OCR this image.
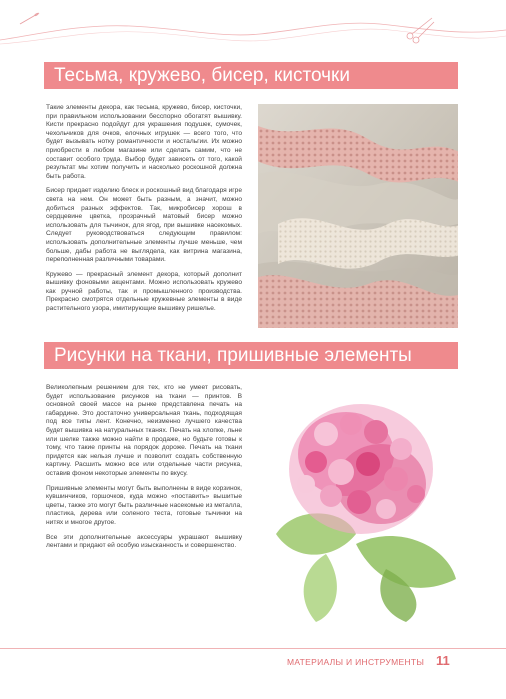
Тесьма, кружево, бисер, кисточки

Такие элементы декора, как тесьма, кружево, бисер, кисточки, при правильном использовании бесспорно обогатят вышивку. Кисти прекрасно подойдут для украшения подушек, сумочек, чехольчиков для очков, елочных игрушек — всего того, что будет вызывать нотку романтичности и ностальгии. Их можно приобрести в любом магазине или сделать самим, что не составит особого труда. Выбор будет зависеть от того, какой результат мы хотим получить и насколько роскошной должна быть работа.

Бисер придает изделию блеск и роскошный вид благодаря игре света на нем. Он может быть разным, а значит, можно добиться разных эффектов. Так, микробисер хорош в сердцевине цветка, прозрачный матовый бисер можно использовать для тычинок, для ягод, при вышивке насекомых. Следует руководствоваться следующим правилом: использовать дополнительные элементы лучше меньше, чем больше, дабы работа не выглядела, как витрина магазина, переполненная различными товарами.

Кружево — прекрасный элемент декора, который дополнит вышивку фоновыми акцентами. Можно использовать кружево как ручной работы, так и промышленного производства. Прекрасно смотрятся отдельные кружевные элементы в виде растительного узора, имитирующие вышивку ришелье.

Рисунки на ткани, пришивные элементы

Великолепным решением для тех, кто не умеет рисовать, будет использование рисунков на ткани — принтов. В основной своей массе на рынке представлена печать на габардине. Это достаточно универсальная ткань, подходящая под все типы лент. Конечно, неизменно лучшего качества будет вышивка на натуральных тканях. Печать на хлопке, льне или шелке также можно найти в продаже, но будьте готовы к тому, что такие принты на порядок дороже. Печать на ткани придется как нельзя лучше и позволит создать собственную картину. Расшить можно все или отдельные части рисунка, оставив фоном некоторые элементы по вкусу.

Пришивные элементы могут быть выполнены в виде корзинок, кувшинчиков, горшочков, куда можно «поставить» вышитые цветы, также это могут быть различные насекомые из металла, пластика, дерева или соленого теста, готовые тычинки на нитях и многое другое.

Все эти дополнительные аксессуары украшают вышивку лентами и придают ей особую изысканность и совершенство.

МАТЕРИАЛЫ И ИНСТРУМЕНТЫ 11
